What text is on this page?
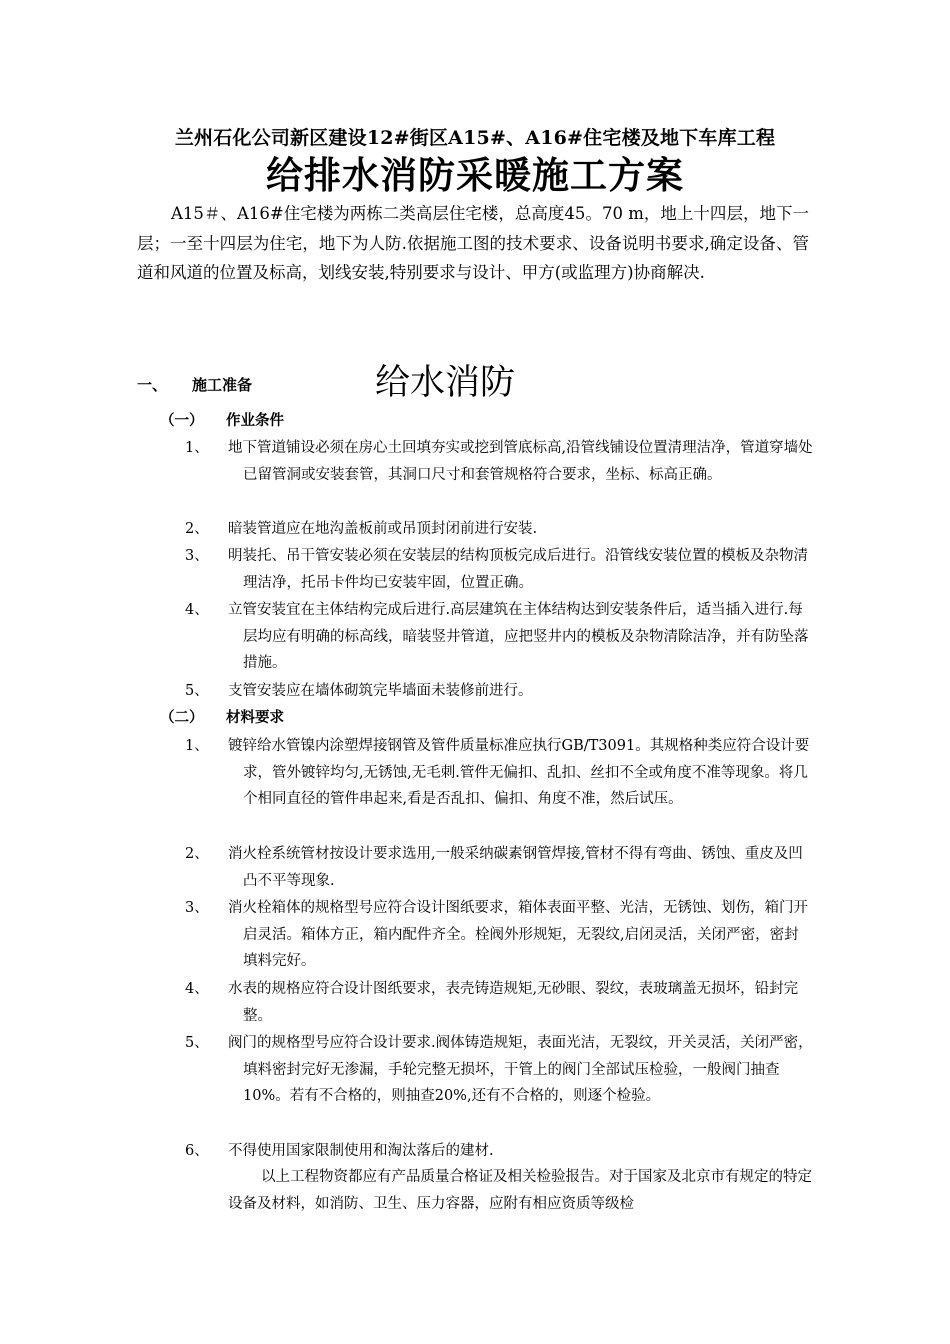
兰州石化公司新区建设12#街区A15#、A16#住宅楼及地下车库工程
给排水消防采暖施工方案
A15＃、A16#住宅楼为两栋二类高层住宅楼，总高度45。70 m，地上十四层，地下一层；一至十四层为住宅，地下为人防.依据施工图的技术要求、设备说明书要求,确定设备、管道和风道的位置及标高，划线安装,特别要求与设计、甲方(或监理方)协商解决.
一、 施工准备	给水消防
（一） 作业条件
1、 地下管道铺设必须在房心土回填夯实或挖到管底标高,沿管线铺设位置清理洁净，管道穿墙处已留管洞或安装套管，其洞口尺寸和套管规格符合要求，坐标、标高正确。
2、 暗装管道应在地沟盖板前或吊顶封闭前进行安装.
3、 明装托、吊干管安装必须在安装层的结构顶板完成后进行。沿管线安装位置的模板及杂物清理洁净，托吊卡件均已安装牢固，位置正确。
4、 立管安装宜在主体结构完成后进行.高层建筑在主体结构达到安装条件后，适当插入进行.每层均应有明确的标高线，暗装竖井管道，应把竖井内的模板及杂物清除洁净，并有防坠落措施。
5、 支管安装应在墙体砌筑完毕墙面未装修前进行。
（二） 材料要求
1、 镀锌给水管镍内涂塑焊接钢管及管件质量标准应执行GB/T3091。其规格种类应符合设计要求，管外镀锌均匀,无锈蚀,无毛刺.管件无偏扣、乱扣、丝扣不全或角度不准等现象。将几个相同直径的管件串起来,看是否乱扣、偏扣、角度不准，然后试压。
2、 消火栓系统管材按设计要求选用,一般采纳碳素钢管焊接,管材不得有弯曲、锈蚀、重皮及凹凸不平等现象.
3、 消火栓箱体的规格型号应符合设计图纸要求，箱体表面平整、光洁，无锈蚀、划伤，箱门开启灵活。箱体方正，箱内配件齐全。栓阀外形规矩，无裂纹,启闭灵活，关闭严密，密封填料完好。
4、 水表的规格应符合设计图纸要求，表壳铸造规矩,无砂眼、裂纹，表玻璃盖无损坏，铅封完整。
5、 阀门的规格型号应符合设计要求.阀体铸造规矩，表面光洁，无裂纹，开关灵活，关闭严密，填料密封完好无渗漏，手轮完整无损坏，干管上的阀门全部试压检验，一般阀门抽查10%。若有不合格的，则抽查20%,还有不合格的，则逐个检验。
6、 不得使用国家限制使用和淘汰落后的建材.
以上工程物资都应有产品质量合格证及相关检验报告。对于国家及北京市有规定的特定设备及材料，如消防、卫生、压力容器，应附有相应资质等级检
